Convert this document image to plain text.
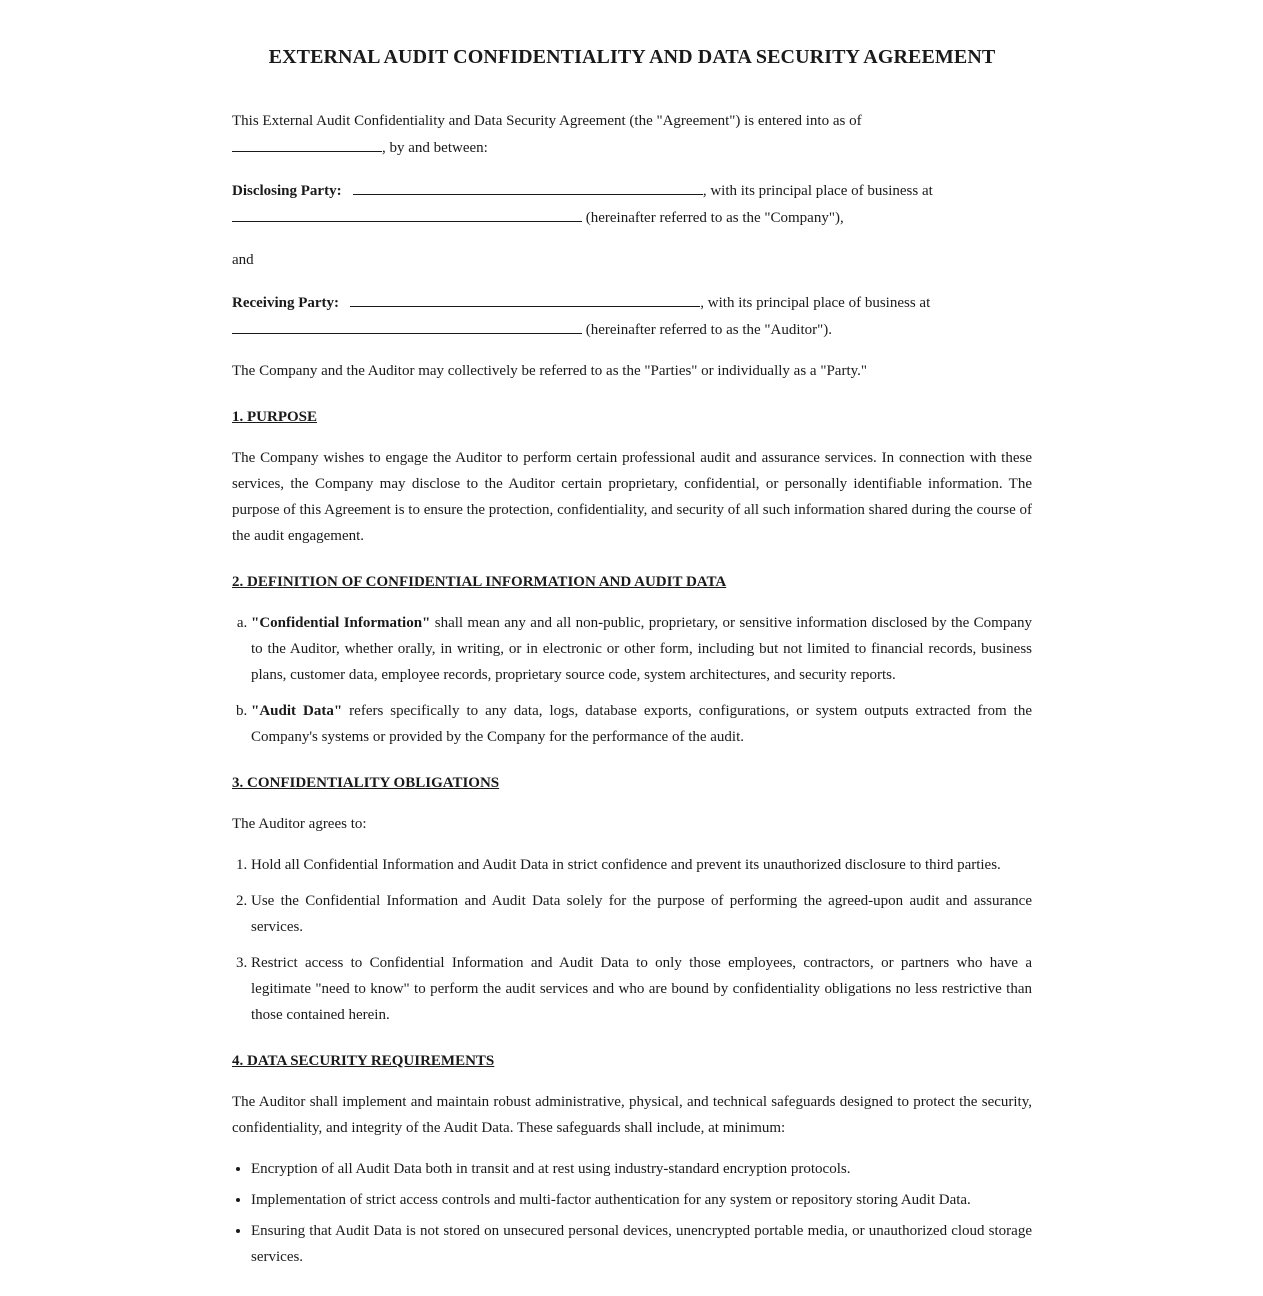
EXTERNAL AUDIT CONFIDENTIALITY AND DATA SECURITY AGREEMENT

This External Audit Confidentiality and Data Security Agreement (the "Agreement") is entered into as of
, by and between:

Disclosing Party:	, with its principal place of business at
(hereinafter referred to as the "Company"),

and

Receiving Party:	, with its principal place of business at
(hereinafter referred to as the "Auditor").

The Company and the Auditor may collectively be referred to as the "Parties" or individually as a "Party."

1. PURPOSE

The Company wishes to engage the Auditor to perform certain professional audit and assurance services. In connection with these services, the Company may disclose to the Auditor certain proprietary, confidential, or personally identifiable information. The purpose of this Agreement is to ensure the protection, confidentiality, and security of all such information shared during the course of the audit engagement.

2. DEFINITION OF CONFIDENTIAL INFORMATION AND AUDIT DATA
a. "Confidential Information" shall mean any and all non-public, proprietary, or sensitive information disclosed by the Company to the Auditor, whether orally, in writing, or in electronic or other form, including but not limited to financial records, business plans, customer data, employee records, proprietary source code, system architectures, and security reports.
b. "Audit Data" refers specifically to any data, logs, database exports, configurations, or system outputs extracted from the Company's systems or provided by the Company for the performance of the audit.
3. CONFIDENTIALITY OBLIGATIONS

The Auditor agrees to:

1. Hold all Confidential Information and Audit Data in strict confidence and prevent its unauthorized disclosure to third parties.
2. Use the Confidential Information and Audit Data solely for the purpose of performing the agreed-upon audit and assurance services.
3. Restrict access to Confidential Information and Audit Data to only those employees, contractors, or partners who have a legitimate "need to know" to perform the audit services and who are bound by confidentiality obligations no less restrictive than those contained herein.
4. DATA SECURITY REQUIREMENTS

The Auditor shall implement and maintain robust administrative, physical, and technical safeguards designed to protect the security, confidentiality, and integrity of the Audit Data. These safeguards shall include, at minimum:

• Encryption of all Audit Data both in transit and at rest using industry-standard encryption protocols.
• Implementation of strict access controls and multi-factor authentication for any system or repository storing Audit Data.
• Ensuring that Audit Data is not stored on unsecured personal devices, unencrypted portable media, or unauthorized cloud storage services.
